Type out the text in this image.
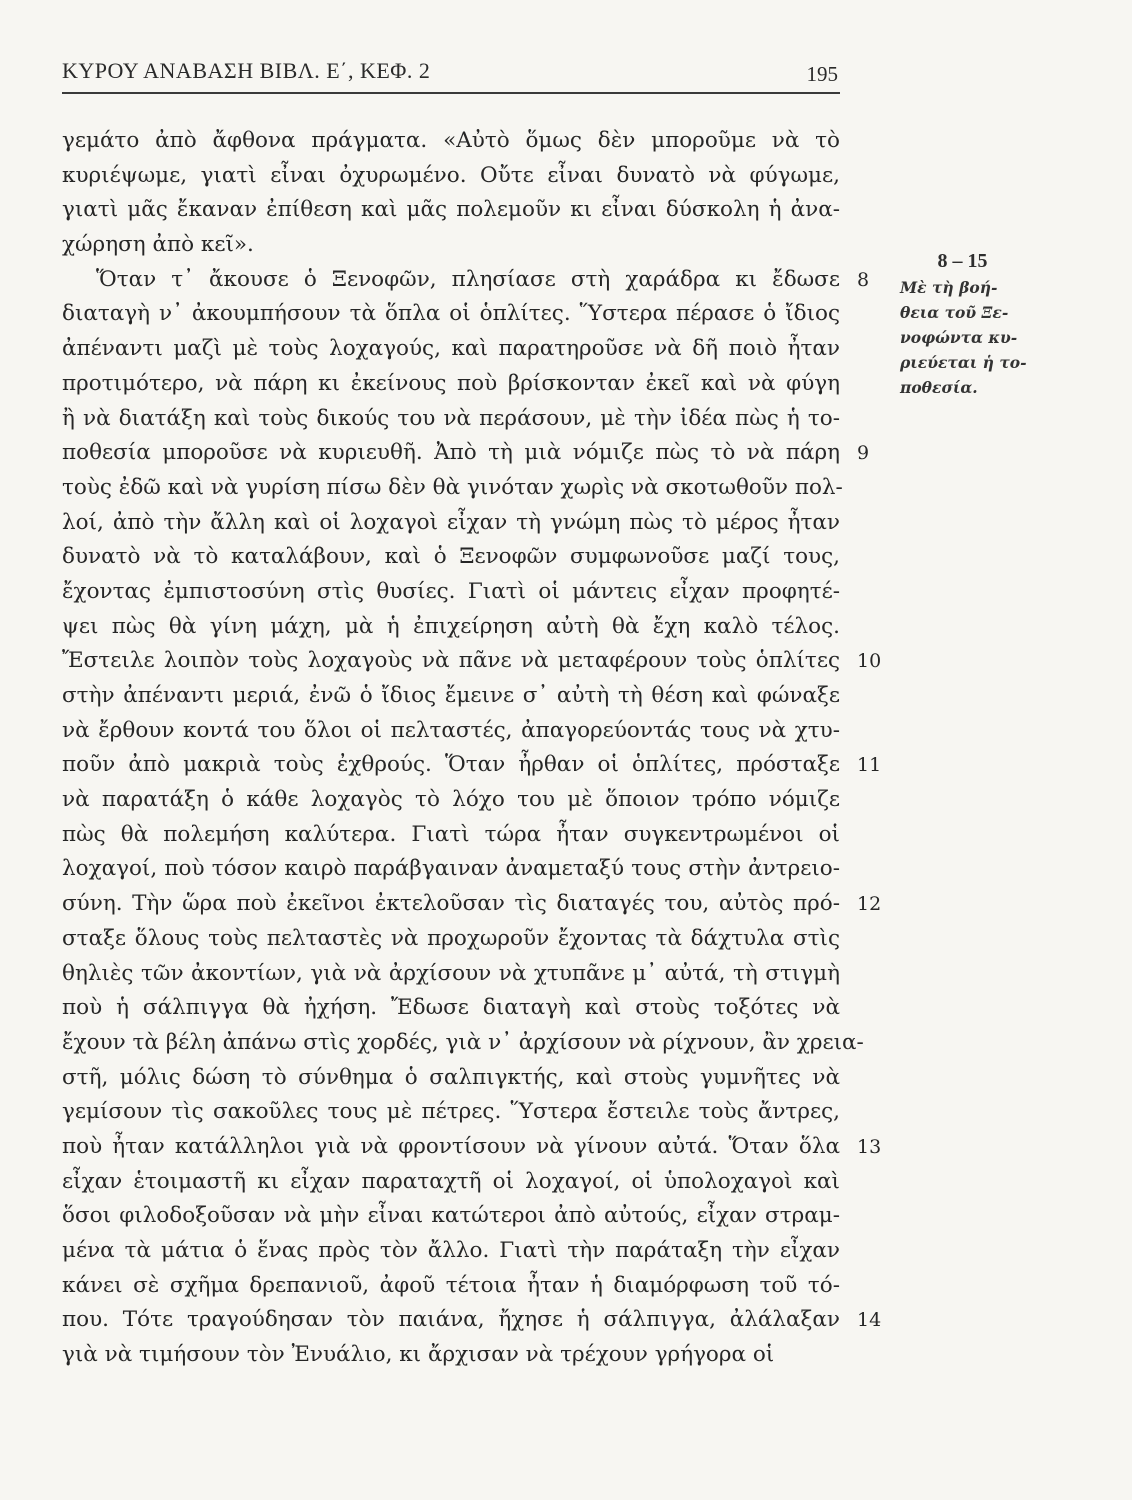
ΚΥΡΟΥ ΑΝΑΒΑΣΗ ΒΙΒΛ. Ε΄, ΚΕΦ. 2	195
γεμάτο ἀπὸ ἄφθονα πράγματα. «Αὐτὸ ὅμως δὲν μποροῦμε νὰ τὸ
κυριέψωμε, γιατὶ εἶναι ὀχυρωμένο. Οὔτε εἶναι δυνατὸ νὰ φύγωμε,
γιατὶ μᾶς ἔκαναν ἐπίθεση καὶ μᾶς πολεμοῦν κι εἶναι δύσκολη ἡ ἀνα-
χώρηση ἀπὸ κεῖ».
Ὅταν τ᾽ ἄκουσε ὁ Ξενοφῶν, πλησίασε στὴ χαράδρα κι ἔδωσε 8
διαταγὴ ν᾽ ἀκουμπήσουν τὰ ὅπλα οἱ ὁπλίτες. Ὕστερα πέρασε ὁ ἴδιος
ἀπέναντι μαζὶ μὲ τοὺς λοχαγούς, καὶ παρατηροῦσε νὰ δῆ ποιὸ ἦταν
προτιμότερο, νὰ πάρη κι ἐκείνους ποὺ βρίσκονταν ἐκεῖ καὶ νὰ φύγη
ἢ νὰ διατάξη καὶ τοὺς δικούς του νὰ περάσουν, μὲ τὴν ἰδέα πὼς ἡ το-
ποθεσία μποροῦσε νὰ κυριευθῆ. Ἀπὸ τὴ μιὰ νόμιζε πὼς τὸ νὰ πάρη 9
τοὺς ἐδῶ καὶ νὰ γυρίση πίσω δὲν θὰ γινόταν χωρὶς νὰ σκοτωθοῦν πολ-
λοί, ἀπὸ τὴν ἄλλη καὶ οἱ λοχαγοὶ εἶχαν τὴ γνώμη πὼς τὸ μέρος ἦταν
δυνατὸ νὰ τὸ καταλάβουν, καὶ ὁ Ξενοφῶν συμφωνοῦσε μαζί τους,
ἔχοντας ἐμπιστοσύνη στὶς θυσίες. Γιατὶ οἱ μάντεις εἶχαν προφητέ-
ψει πὼς θὰ γίνη μάχη, μὰ ἡ ἐπιχείρηση αὐτὴ θὰ ἔχη καλὸ τέλος.
Ἔστειλε λοιπὸν τοὺς λοχαγοὺς νὰ πᾶνε νὰ μεταφέρουν τοὺς ὁπλίτες 10
στὴν ἀπέναντι μεριά, ἐνῶ ὁ ἴδιος ἔμεινε σ᾽ αὐτὴ τὴ θέση καὶ φώναξε
νὰ ἔρθουν κοντά του ὅλοι οἱ πελταστές, ἀπαγορεύοντάς τους νὰ χτυ-
ποῦν ἀπὸ μακριὰ τοὺς ἐχθρούς. Ὅταν ἦρθαν οἱ ὁπλίτες, πρόσταξε 11
νὰ παρατάξη ὁ κάθε λοχαγὸς τὸ λόχο του μὲ ὅποιον τρόπο νόμιζε
πὼς θὰ πολεμήση καλύτερα. Γιατὶ τώρα ἦταν συγκεντρωμένοι οἱ
λοχαγοί, ποὺ τόσον καιρὸ παράβγαιναν ἀναμεταξύ τους στὴν ἀντρειο-
σύνη. Τὴν ὥρα ποὺ ἐκεῖνοι ἐκτελοῦσαν τὶς διαταγές του, αὐτὸς πρό- 12
σταξε ὅλους τοὺς πελταστὲς νὰ προχωροῦν ἔχοντας τὰ δάχτυλα στὶς
θηλιὲς τῶν ἀκοντίων, γιὰ νὰ ἀρχίσουν νὰ χτυπᾶνε μ᾽ αὐτά, τὴ στιγμὴ
ποὺ ἡ σάλπιγγα θὰ ἠχήση. Ἔδωσε διαταγὴ καὶ στοὺς τοξότες νὰ
ἔχουν τὰ βέλη ἀπάνω στὶς χορδές, γιὰ ν᾽ ἀρχίσουν νὰ ρίχνουν, ἂν χρεια-
στῆ, μόλις δώση τὸ σύνθημα ὁ σαλπιγκτής, καὶ στοὺς γυμνῆτες νὰ
γεμίσουν τὶς σακοῦλες τους μὲ πέτρες. Ὕστερα ἔστειλε τοὺς ἄντρες,
ποὺ ἦταν κατάλληλοι γιὰ νὰ φροντίσουν νὰ γίνουν αὐτά. Ὅταν ὅλα 13
εἶχαν ἑτοιμαστῆ κι εἶχαν παραταχτῆ οἱ λοχαγοί, οἱ ὑπολοχαγοὶ καὶ
ὅσοι φιλοδοξοῦσαν νὰ μὴν εἶναι κατώτεροι ἀπὸ αὐτούς, εἶχαν στραμ-
μένα τὰ μάτια ὁ ἕνας πρὸς τὸν ἄλλο. Γιατὶ τὴν παράταξη τὴν εἶχαν
κάνει σὲ σχῆμα δρεπανιοῦ, ἀφοῦ τέτοια ἦταν ἡ διαμόρφωση τοῦ τό-
που. Τότε τραγούδησαν τὸν παιάνα, ἤχησε ἡ σάλπιγγα, ἀλάλαξαν 14
γιὰ νὰ τιμήσουν τὸν Ἐνυάλιο, κι ἄρχισαν νὰ τρέχουν γρήγορα οἱ
8 – 15
Μὲ τὴ βοή-
θεια τοῦ Ξε-
νοφώντα κυ-
ριεύεται ἡ το-
ποθεσία.
